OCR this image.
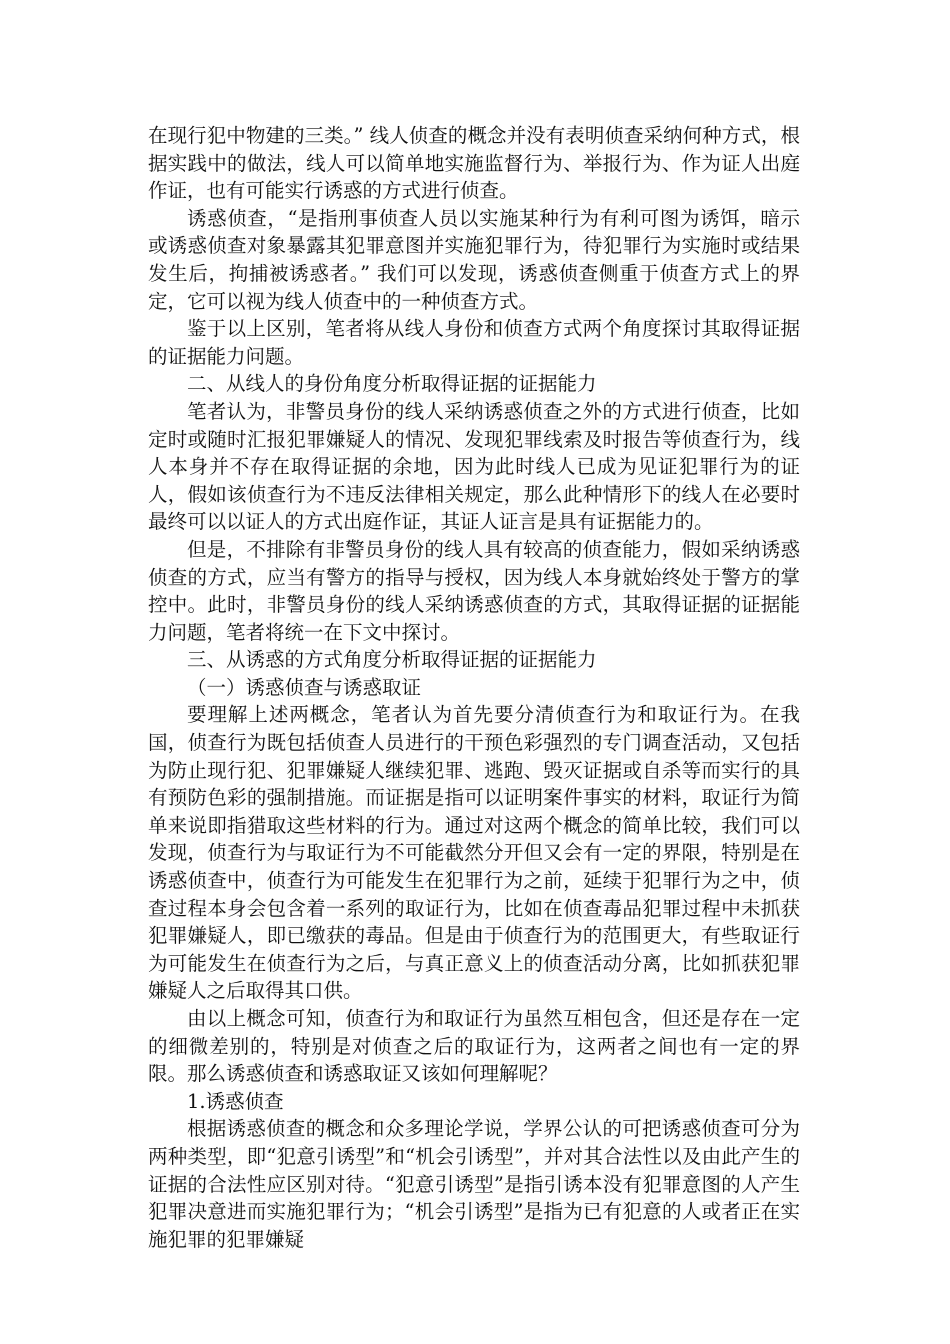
在现行犯中物建的三类。” 线人侦查的概念并没有表明侦查采纳何种方式，根据实践中的做法，线人可以简单地实施监督行为、举报行为、作为证人出庭作证，也有可能实行诱惑的方式进行侦查。

诱惑侦查，“是指刑事侦查人员以实施某种行为有利可图为诱饵，暗示或诱惑侦查对象暴露其犯罪意图并实施犯罪行为，待犯罪行为实施时或结果发生后，拘捕被诱惑者。” 我们可以发现，诱惑侦查侧重于侦查方式上的界定，它可以视为线人侦查中的一种侦查方式。

鉴于以上区别，笔者将从线人身份和侦查方式两个角度探讨其取得证据的证据能力问题。

二、从线人的身份角度分析取得证据的证据能力

笔者认为，非警员身份的线人采纳诱惑侦查之外的方式进行侦查，比如定时或随时汇报犯罪嫌疑人的情况、发现犯罪线索及时报告等侦查行为，线人本身并不存在取得证据的余地，因为此时线人已成为见证犯罪行为的证人，假如该侦查行为不违反法律相关规定，那么此种情形下的线人在必要时最终可以以证人的方式出庭作证，其证人证言是具有证据能力的。

但是，不排除有非警员身份的线人具有较高的侦查能力，假如采纳诱惑侦查的方式，应当有警方的指导与授权，因为线人本身就始终处于警方的掌控中。此时，非警员身份的线人采纳诱惑侦查的方式，其取得证据的证据能力问题，笔者将统一在下文中探讨。

三、从诱惑的方式角度分析取得证据的证据能力

（一）诱惑侦查与诱惑取证

要理解上述两概念，笔者认为首先要分清侦查行为和取证行为。在我国，侦查行为既包括侦查人员进行的干预色彩强烈的专门调查活动，又包括为防止现行犯、犯罪嫌疑人继续犯罪、逃跑、毁灭证据或自杀等而实行的具有预防色彩的强制措施。而证据是指可以证明案件事实的材料，取证行为简单来说即指猎取这些材料的行为。通过对这两个概念的简单比较，我们可以发现，侦查行为与取证行为不可能截然分开但又会有一定的界限，特别是在诱惑侦查中，侦查行为可能发生在犯罪行为之前，延续于犯罪行为之中，侦查过程本身会包含着一系列的取证行为，比如在侦查毒品犯罪过程中未抓获犯罪嫌疑人，即已缴获的毒品。但是由于侦查行为的范围更大，有些取证行为可能发生在侦查行为之后，与真正意义上的侦查活动分离，比如抓获犯罪嫌疑人之后取得其口供。

由以上概念可知，侦查行为和取证行为虽然互相包含，但还是存在一定的细微差别的，特别是对侦查之后的取证行为，这两者之间也有一定的界限。那么诱惑侦查和诱惑取证又该如何理解呢？

1.诱惑侦查

根据诱惑侦查的概念和众多理论学说，学界公认的可把诱惑侦查可分为两种类型，即“犯意引诱型”和“机会引诱型”，并对其合法性以及由此产生的证据的合法性应区别对待。“犯意引诱型”是指引诱本没有犯罪意图的人产生犯罪决意进而实施犯罪行为；“机会引诱型”是指为已有犯意的人或者正在实施犯罪的犯罪嫌疑
